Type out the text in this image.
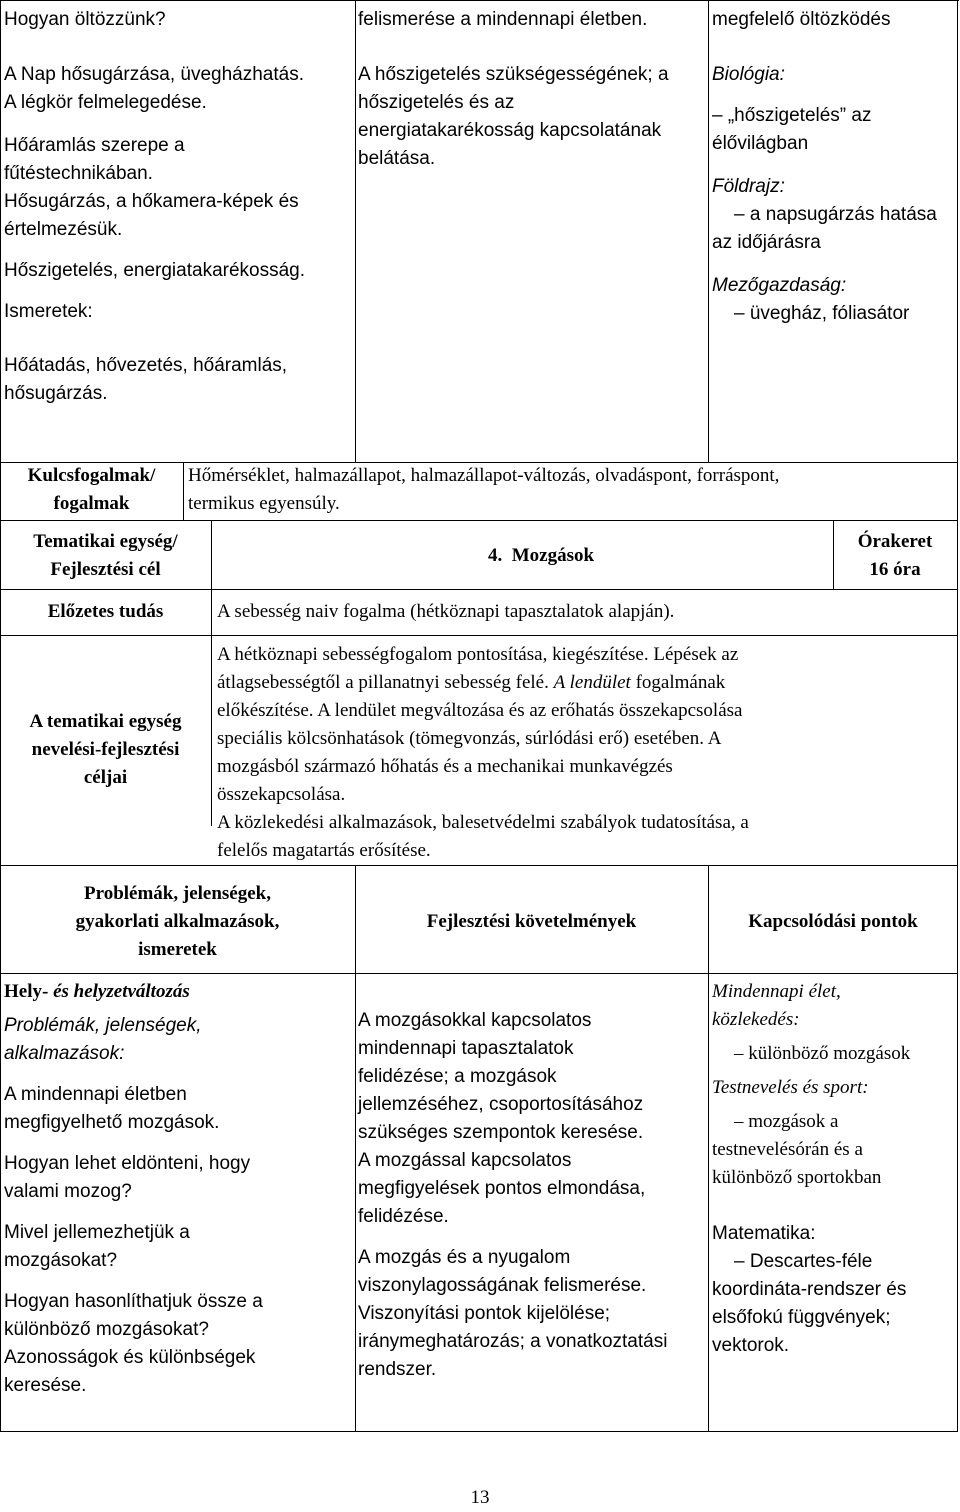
Hogyan öltözzünk?

A Nap hősugárzása, üvegházhatás.

A légkör felmelegedése.

Hőáramlás szerepe a

fűtéstechnikában.

Hősugárzás, a hőkamera-képek és

értelmezésük.

Hőszigetelés, energiatakarékosság.

Ismeretek:

Hőátadás, hővezetés, hőáramlás,

hősugárzás.

felismerése a mindennapi életben.

A hőszigetelés szükségességének; a

hőszigetelés és az

energiatakarékosság kapcsolatának

belátása.

megfelelő öltözködés

Biológia:

– „hőszigetelés” az

élővilágban

Földrajz:

– a napsugárzás hatása

az időjárásra

Mezőgazdaság:

– üvegház, fóliasátor

Kulcsfogalmak/

fogalmak

Hőmérséklet, halmazállapot, halmazállapot-változás, olvadáspont, forráspont,

termikus egyensúly.

Tematikai egység/

Fejlesztési cél

4.  Mozgások

Órakeret

16 óra

Előzetes tudás	A sebesség naiv fogalma (hétköznapi tapasztalatok alapján).

A tematikai egység

nevelési-fejlesztési

céljai

A hétköznapi sebességfogalom pontosítása, kiegészítése. Lépések az

átlagsebességtől a pillanatnyi sebesség felé. A lendület fogalmának

előkészítése. A lendület megváltozása és az erőhatás összekapcsolása

speciális kölcsönhatások (tömegvonzás, súrlódási erő) esetében. A

mozgásból származó hőhatás és a mechanikai munkavégzés

összekapcsolása.

A közlekedési alkalmazások, balesetvédelmi szabályok tudatosítása, a

felelős magatartás erősítése.

Problémák, jelenségek,

gyakorlati alkalmazások,

ismeretek

Fejlesztési követelmények	Kapcsolódási pontok

Hely- és helyzetváltozás

Problémák, jelenségek,

alkalmazások:

A mindennapi életben

megfigyelhető mozgások.

Hogyan lehet eldönteni, hogy

valami mozog?

Mivel jellemezhetjük a

mozgásokat?

Hogyan hasonlíthatjuk össze a

különböző mozgásokat?

Azonosságok és különbségek

keresése.

A mozgásokkal kapcsolatos

mindennapi tapasztalatok

felidézése; a mozgások

jellemzéséhez, csoportosításához

szükséges szempontok keresése.

A mozgással kapcsolatos

megfigyelések pontos elmondása,

felidézése.

A mozgás és a nyugalom

viszonylagosságának felismerése.

Viszonyítási pontok kijelölése;

iránymeghatározás; a vonatkoztatási

rendszer.

Mindennapi élet,

közlekedés:

– különböző mozgások

Testnevelés és sport:

– mozgások a

testnevelésórán és a

különböző sportokban

Matematika:

– Descartes-féle

koordináta-rendszer és

elsőfokú függvények;

vektorok.

13
